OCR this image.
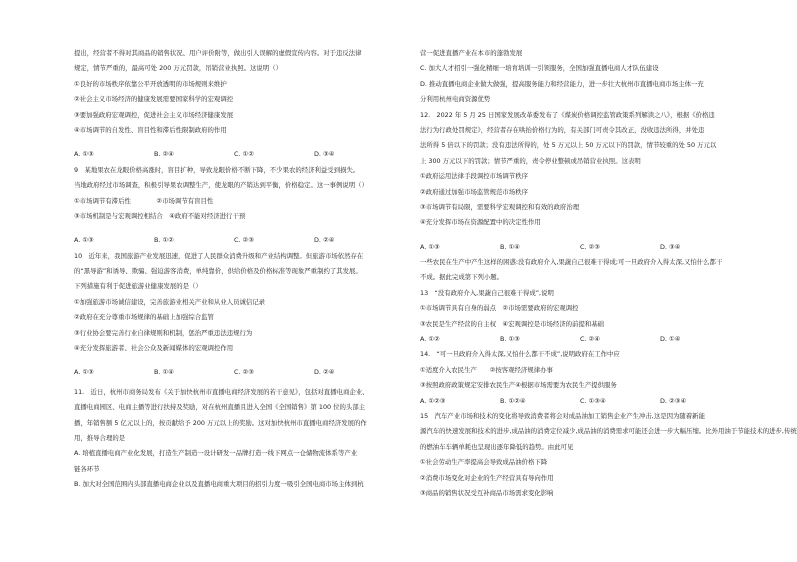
提出，经营者不得对其商品的销售状况、用户评价附等，做出引人误解的虚假宣传内容。对于违反法律
规定，情节严重的，最高可处 200 万元罚款，吊销营业执照。这说明（）
①良好的市场秩序依靠公平开放透明的市场规则来维护
②社会主义市场经济的健康发展需要国家科学的宏观调控
③要加强政府宏观调控，促进社会主义市场经济健康发展
④市场调节的自发性、盲目性和滞后性限制政府的作用
A. ①③	B. ②④	C. ①②	D. ③④
9　某地果农在龙眼价格高涨时，盲目扩种，导致龙眼价格不断下降，不少果农的经济利益受到损失。
当地政府经过市场调查，积极引导果农调整生产，使龙眼的产销达到平衡，价格稳定。这一事例说明（）
①市场调节有滞后性　　　　②市场调节有盲目性
③市场机制是与宏观调控相结合　④政府不能对经济进行干预
A. ①③	B. ①②	C. ②③	D. ②④
10　近年来，我国旅游产业发展迅速，促进了人民群众消费升级和产业结构调整。但旅游市场依然存在
的“黑导游”和诱导、欺骗、强迫游客消费，单纯靠价，供给价格及价格标准等现象严重制约了其发展。
下列措施有利于促进旅游业健康发展的是（）
①加强旅游市场诚信建设，完善旅游业相关产业和从业人员诚信记录
②政府在充分尊重市场规律的基础上加强综合监管
③行业协会要完善行业自律规则和机制，惩治严重违法违规行为
④充分发挥旅游者、社会公众及新闻媒体的宏观调控作用
A. ①③	B. ①④	C. ②③	D. ②④
11.　近日，杭州市商务局发布《关于加快杭州市直播电商经济发展的若干意见》，包括对直播电商企业、
直播电商园区、电商主播等进行扶持及奖励，对在杭州直播且进入全国《全国销售》第 100 位的头部主
播，年销售额 5 亿元以上的，按贡献给予 200 万元以上的奖励。这对加快杭州市直播电商经济发展的作
用，推导合理的是
A. 培植直播电商产业化发展，打造生产制造一设计研发一品牌打造一线下网点一仓储物流体系等产业
链各环节
B. 加大对全国范围内头部直播电商企业以及直播电商重大项目的招引力度一吸引全国电商市场主体到杭
营一促进直播产业在本市的蓬勃发展
C. 加大人才招引一强化精细一培育培训一引领服务，全国加强直播电商人才队伍建设
D. 推动直播电商企业做大做强，提高服务能力和经营能力，进一步壮大杭州市直播电商市场主体一充
分利用杭州电商资源优势
12.　2022 年 5 月 25 日国家发展改革委发布了《煤炭价格调控监管政策系列解读之八》，根据《价格违
法行为行政处罚规定》，经营者存在哄抬价格行为的，有关部门可责令其改正，没收违法所得，并处违
法所得 5 倍以下的罚款；没有违法所得的，处 5 万元以上 50 万元以下的罚款，情节较重的处 50 万元以
上 300 万元以下的罚款；情节严重的，责令停业整顿或吊销营业执照。这表明
①政府运用法律手段调控市场调节秩序
②政府通过加强市场监管规范市场秩序
③市场调节有局限，需要科学宏观调控和有效的政府治理
④充分发挥市场在资源配置中的决定性作用
A. ①③	B. ①④	C. ②③	D. ③④
一些农民在生产中产生这样的困惑:没有政府介入,果蔬自己很难干得成;可一旦政府介入得太深,又怕什么都干
不成。据此完成第下列小题。
13　“没有政府介入,果蔬自己很难干得成”,说明
①市场调节具有自身的弱点　②市场需要政府的宏观调控
③农民是生产经营的自主权　④宏观调控是市场经济的前提和基础
A. ①②	B. ①③	C. ②④	D. ①④
14.　“可一旦政府介入得太深,又怕什么都干不成”,说明政府在工作中应
①适度介入农民生产　　②按客观经济规律办事
③按照政府政策规定安排农民生产④根据市场需要为农民生产提供服务
A. ①②③	B. ①②④	C. ①③④	D. ②③④
15　汽车产业市场和技术的变化将导致消费者将会对成品油加工销售企业产生冲击,这是因为随着新能
源汽车的快速发展和技术的进步,成品油的消费定位减少,成品油的消费需求可能还会进一步大幅压缩。比外用油于节能技术的进步,传统
的燃油车车辆单耗也呈现出逐年降低的趋势。由此可见
①社会劳动生产率提高会导致成品油价格下降
②消费市场变化对企业的生产经营具有导向作用
③商品的销售状况受互补商品市场需求变化影响
